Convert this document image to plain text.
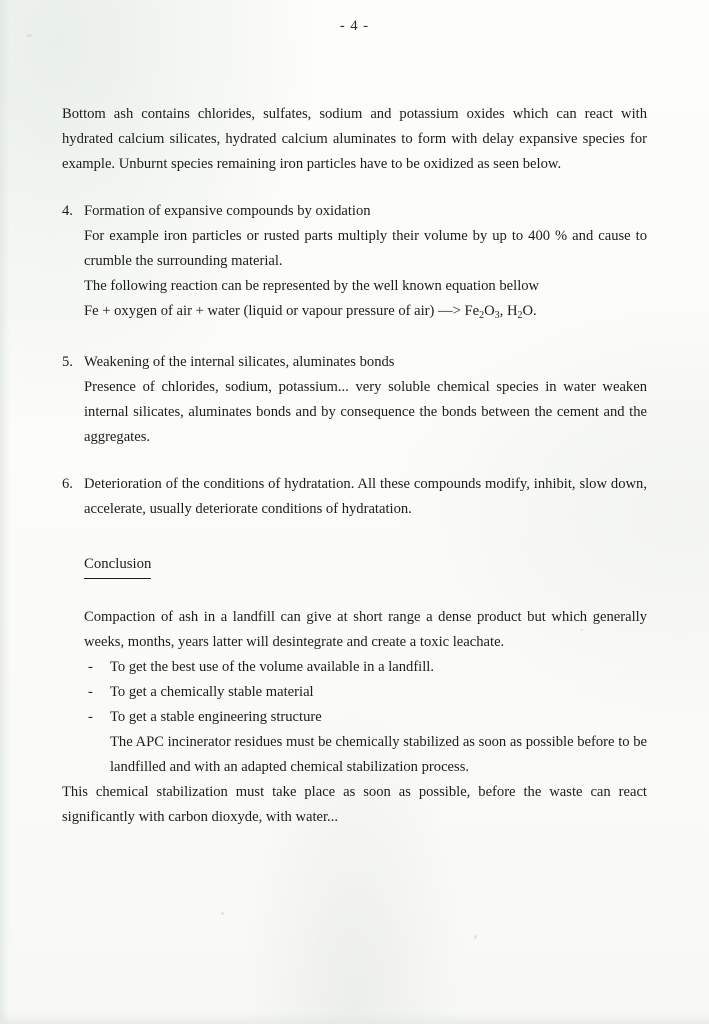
- 4 -

Bottom ash contains chlorides, sulfates, sodium and potassium oxides which can react with hydrated calcium silicates, hydrated calcium aluminates to form with delay expansive species for example. Unburnt species remaining iron particles have to be oxidized as seen below.

4. Formation of expansive compounds by oxidation
For example iron particles or rusted parts multiply their volume by up to 400 % and cause to crumble the surrounding material.
The following reaction can be represented by the well known equation bellow
Fe + oxygen of air + water (liquid or vapour pressure of air) —> $Fe_2O_3$, $H_2O$.
5. Weakening of the internal silicates, aluminates bonds
Presence of chlorides, sodium, potassium... very soluble chemical species in water weaken internal silicates, aluminates bonds and by consequence the bonds between the cement and the aggregates.
6. Deterioration of the conditions of hydratation. All these compounds modify, inhibit, slow down, accelerate, usually deteriorate conditions of hydratation.
Conclusion

Compaction of ash in a landfill can give at short range a dense product but which generally weeks, months, years latter will desintegrate and create a toxic leachate.

- To get the best use of the volume available in a landfill.
- To get a chemically stable material
- To get a stable engineering structure

The APC incinerator residues must be chemically stabilized as soon as possible before to be landfilled and with an adapted chemical stabilization process.

This chemical stabilization must take place as soon as possible, before the waste can react significantly with carbon dioxyde, with water...
